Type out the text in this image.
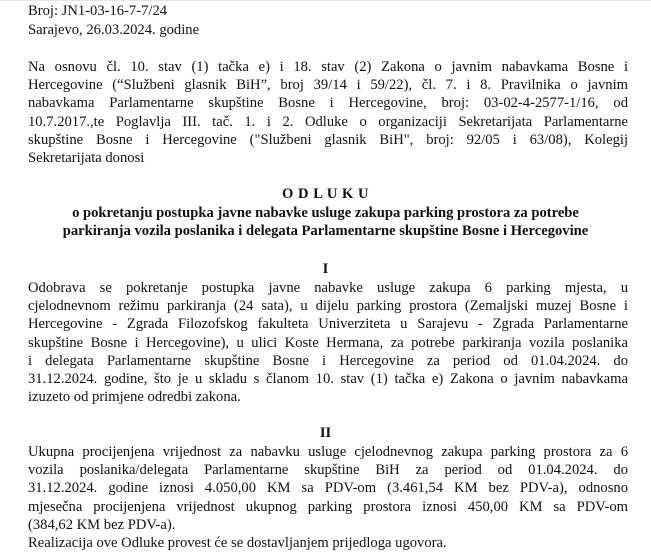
Broj: JN1-03-16-7-7/24
Sarajevo, 26.03.2024. godine
Na osnovu čl. 10. stav (1) tačka e) i 18. stav (2) Zakona o javnim nabavkama Bosne i
Hercegovine (“Službeni glasnik BiH”, broj 39/14 i 59/22), čl. 7. i 8. Pravilnika o javnim
nabavkama Parlamentarne skupštine Bosne i Hercegovine, broj: 03-02-4-2577-1/16, od
10.7.2017.,te Poglavlja III. tač. 1. i 2. Odluke o organizaciji Sekretarijata Parlamentarne
skupštine Bosne i Hercegovine ("Službeni glasnik BiH", broj: 92/05 i 63/08), Kolegij
Sekretarijata donosi
O D L U K U
o pokretanju postupka javne nabavke usluge zakupa parking prostora za potrebe
parkiranja vozila poslanika i delegata Parlamentarne skupštine Bosne i Hercegovine
I
Odobrava se pokretanje postupka javne nabavke usluge zakupa 6 parking mjesta, u
cjelodnevnom režimu parkiranja (24 sata), u dijelu parking prostora (Zemaljski muzej Bosne i
Hercegovine - Zgrada Filozofskog fakulteta Univerziteta u Sarajevu - Zgrada Parlamentarne
skupštine Bosne i Hercegovine), u ulici Koste Hermana, za potrebe parkiranja vozila poslanika
i delegata Parlamentarne skupštine Bosne i Hercegovine za period od 01.04.2024. do
31.12.2024. godine, što je u skladu s članom 10. stav (1) tačka e) Zakona o javnim nabavkama
izuzeto od primjene odredbi zakona.
II
Ukupna procijenjena vrijednost za nabavku usluge cjelodnevnog zakupa parking prostora za 6
vozila poslanika/delegata Parlamentarne skupštine BiH za period od 01.04.2024. do
31.12.2024. godine iznosi 4.050,00 KM sa PDV-om (3.461,54 KM bez PDV-a), odnosno
mjesečna procijenjena vrijednost ukupnog parking prostora iznosi 450,00 KM sa PDV-om
(384,62 KM bez PDV-a).
Realizacija ove Odluke provest će se dostavljanjem prijedloga ugovora.
